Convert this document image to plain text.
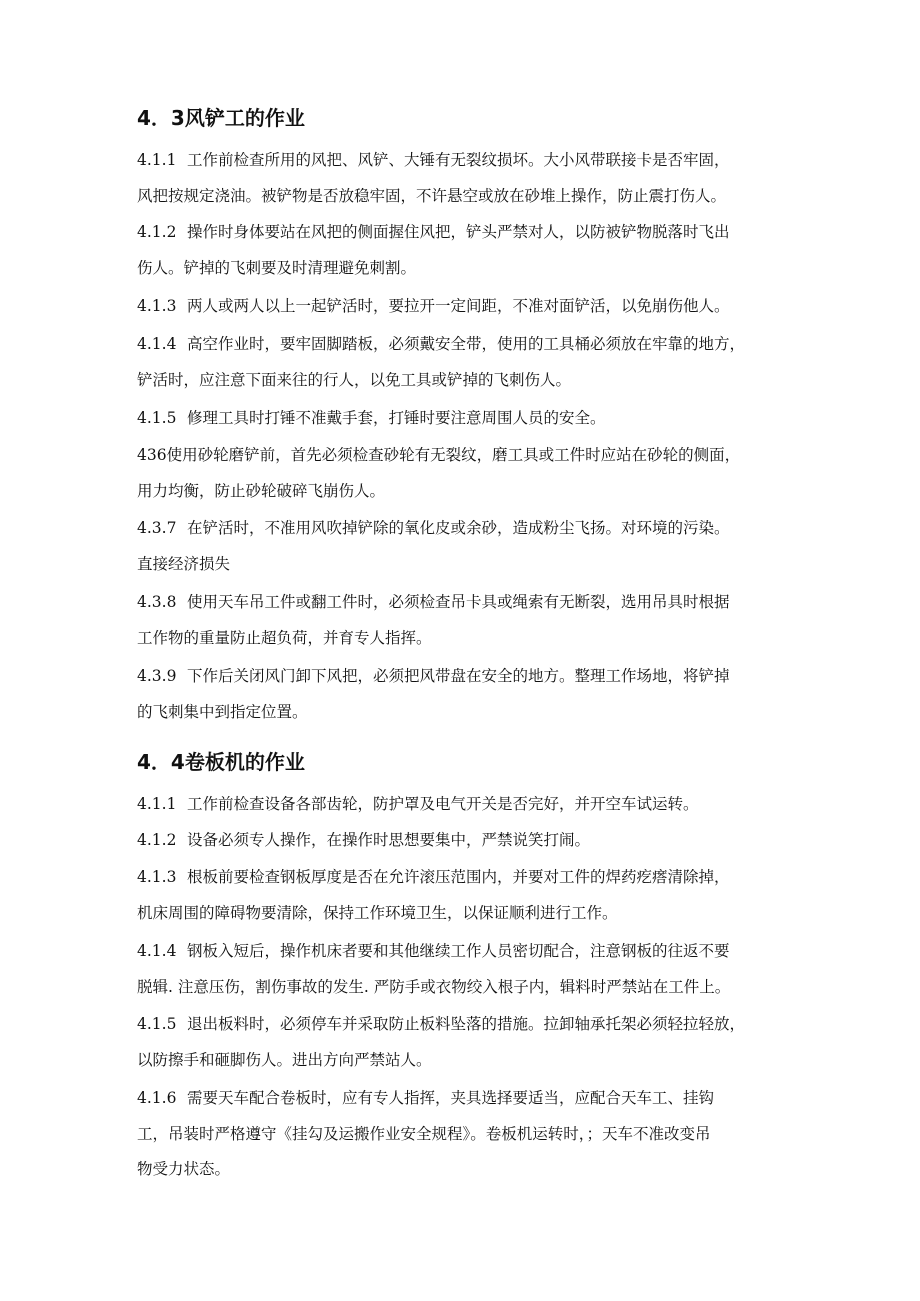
4．3风铲工的作业
4.1.1 工作前检查所用的风把、风铲、大锤有无裂纹损坏。大小风带联接卡是否牢固，
风把按规定浇油。被铲物是否放稳牢固，不许悬空或放在砂堆上操作，防止震打伤人。
4.1.2 操作时身体要站在风把的侧面握住风把，铲头严禁对人，以防被铲物脱落时飞出
伤人。铲掉的飞刺要及时清理避免刺割。
4.1.3 两人或两人以上一起铲活时，要拉开一定间距，不准对面铲活，以免崩伤他人。
4.1.4 高空作业时，要牢固脚踏板，必须戴安全带，使用的工具桶必须放在牢靠的地方，
铲活时，应注意下面来往的行人，以免工具或铲掉的飞刺伤人。
4.1.5 修理工具时打锤不准戴手套，打锤时要注意周围人员的安全。
436使用砂轮磨铲前，首先必须检查砂轮有无裂纹，磨工具或工件时应站在砂轮的侧面，
用力均衡，防止砂轮破碎飞崩伤人。
4.3.7 在铲活时，不准用风吹掉铲除的氧化皮或余砂，造成粉尘飞扬。对环境的污染。
直接经济损失
4.3.8 使用天车吊工件或翻工件时，必须检查吊卡具或绳索有无断裂，选用吊具时根据
工作物的重量防止超负荷，并育专人指挥。
4.3.9 下作后关闭风门卸下风把，必须把风带盘在安全的地方。整理工作场地，将铲掉
的飞刺集中到指定位置。
4．4卷板机的作业
4.1.1 工作前检查设备各部齿轮，防护罩及电气开关是否完好，并开空车试运转。
4.1.2 设备必须专人操作，在操作时思想要集中，严禁说笑打闹。
4.1.3 根板前要检查钢板厚度是否在允许滚压范围内，并要对工件的焊药疙瘩清除掉，
机床周围的障碍物要清除，保持工作环境卫生，以保证顺利进行工作。
4.1.4 钢板入短后，操作机床者要和其他继续工作人员密切配合，注意钢板的往返不要
脱辑. 注意压伤，割伤事故的发生. 严防手或衣物绞入根子内，辑料时严禁站在工件上。
4.1.5 退出板料时，必须停车并采取防止板料坠落的措施。拉卸轴承托架必须轻拉轻放，
以防擦手和砸脚伤人。进出方向严禁站人。
4.1.6 需要天车配合卷板时，应有专人指挥，夹具选择要适当，应配合天车工、挂钩
工，吊装时严格遵守《挂勾及运搬作业安全规程》。卷板机运转时，；天车不准改变吊
物受力状态。
